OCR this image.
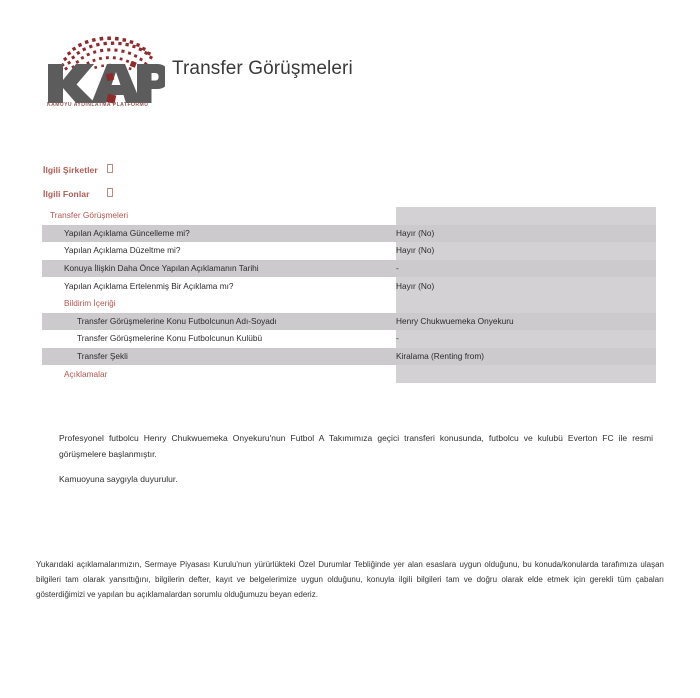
KAMUYU AYDINLATMA PLATFORMU
Transfer Görüşmeleri
İlgili Şirketler
İlgili Fonlar
Transfer Görüşmeleri	
Yapılan Açıklama Güncelleme mi?	Hayır (No)
Yapılan Açıklama Düzeltme mi?	Hayır (No)
Konuya İlişkin Daha Önce Yapılan Açıklamanın Tarihi	-
Yapılan Açıklama Ertelenmiş Bir Açıklama mı?	Hayır (No)
Bildirim İçeriği	
Transfer Görüşmelerine Konu Futbolcunun Adı-Soyadı	Henry Chukwuemeka Onyekuru
Transfer Görüşmelerine Konu Futbolcunun Kulübü	-
Transfer Şekli	Kiralama (Renting from)
Açıklamalar	
Profesyonel futbolcu Henry Chukwuemeka Onyekuru'nun Futbol A Takımımıza geçici transferi konusunda, futbolcu ve kulubü Everton FC ile resmi görüşmelere başlanmıştır.
Kamuoyuna saygıyla duyurulur.
Yukarıdaki açıklamalarımızın, Sermaye Piyasası Kurulu'nun yürürlükteki Özel Durumlar Tebliğinde yer alan esaslara uygun olduğunu, bu konuda/konularda tarafımıza ulaşan bilgileri tam olarak yansıttığını, bilgilerin defter, kayıt ve belgelerimize uygun olduğunu, konuyla ilgili bilgileri tam ve doğru olarak elde etmek için gerekli tüm çabaları gösterdiğimizi ve yapılan bu açıklamalardan sorumlu olduğumuzu beyan ederiz.
